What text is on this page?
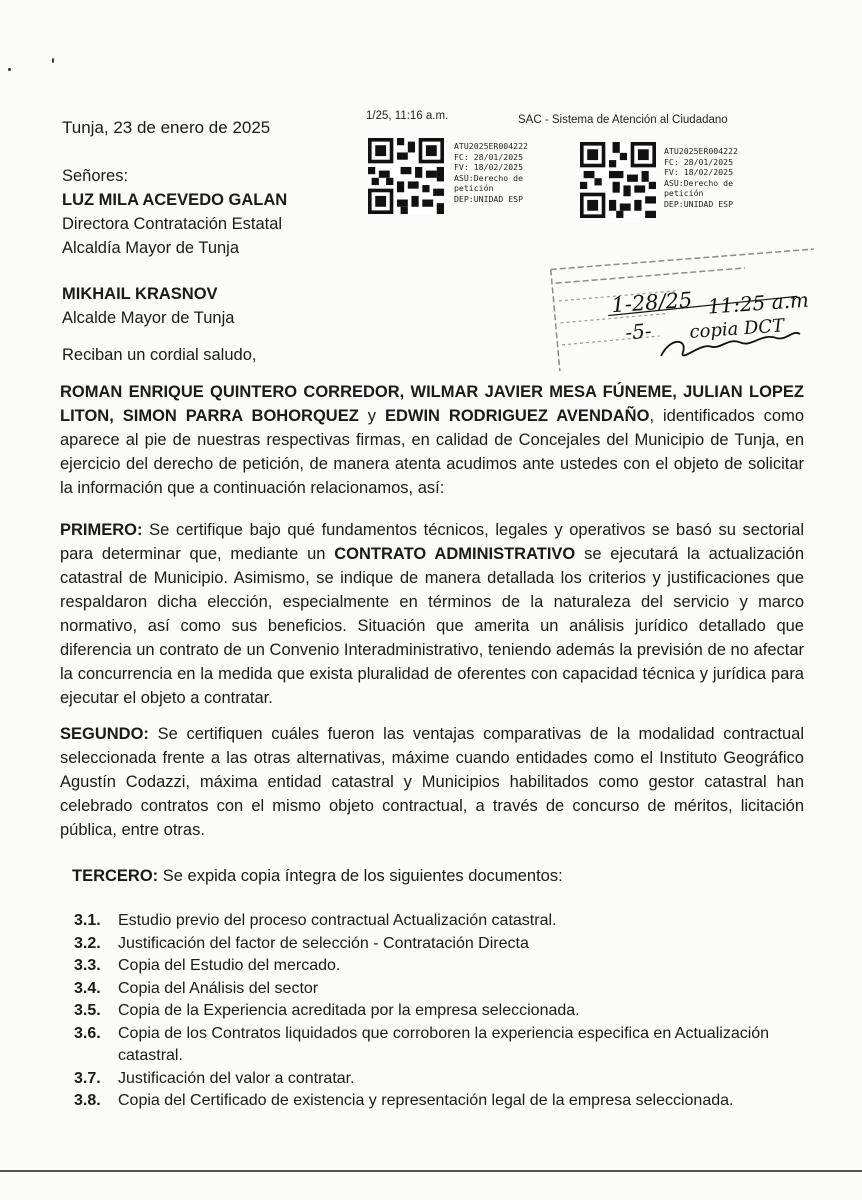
Tunja, 23 de enero de 2025
1/25, 11:16 a.m.	SAC - Sistema de Atención al Ciudadano
ATU2025ER004222
FC: 28/01/2025
FV: 18/02/2025
ASU:Derecho de
petición
DEP:UNIDAD ESP
ATU2025ER004222
FC: 28/01/2025
FV: 18/02/2025
ASU:Derecho de
petición
DEP:UNIDAD ESP
1-28/25 11:25 a.m
-5- copia DCT
Señores:
LUZ MILA ACEVEDO GALAN
Directora Contratación Estatal
Alcaldía Mayor de Tunja
MIKHAIL KRASNOV
Alcalde Mayor de Tunja
Reciban un cordial saludo,
ROMAN ENRIQUE QUINTERO CORREDOR, WILMAR JAVIER MESA FÚNEME, JULIAN LOPEZ LITON, SIMON PARRA BOHORQUEZ y EDWIN RODRIGUEZ AVENDAÑO, identificados como aparece al pie de nuestras respectivas firmas, en calidad de Concejales del Municipio de Tunja, en ejercicio del derecho de petición, de manera atenta acudimos ante ustedes con el objeto de solicitar la información que a continuación relacionamos, así:
PRIMERO: Se certifique bajo qué fundamentos técnicos, legales y operativos se basó su sectorial para determinar que, mediante un CONTRATO ADMINISTRATIVO se ejecutará la actualización catastral de Municipio. Asimismo, se indique de manera detallada los criterios y justificaciones que respaldaron dicha elección, especialmente en términos de la naturaleza del servicio y marco normativo, así como sus beneficios. Situación que amerita un análisis jurídico detallado que diferencia un contrato de un Convenio Interadministrativo, teniendo además la previsión de no afectar la concurrencia en la medida que exista pluralidad de oferentes con capacidad técnica y jurídica para ejecutar el objeto a contratar.
SEGUNDO: Se certifiquen cuáles fueron las ventajas comparativas de la modalidad contractual seleccionada frente a las otras alternativas, máxime cuando entidades como el Instituto Geográfico Agustín Codazzi, máxima entidad catastral y Municipios habilitados como gestor catastral han celebrado contratos con el mismo objeto contractual, a través de concurso de méritos, licitación pública, entre otras.
TERCERO: Se expida copia íntegra de los siguientes documentos:
3.1.	Estudio previo del proceso contractual Actualización catastral.
3.2.	Justificación del factor de selección - Contratación Directa
3.3.	Copia del Estudio del mercado.
3.4.	Copia del Análisis del sector
3.5.	Copia de la Experiencia acreditada por la empresa seleccionada.
3.6.	Copia de los Contratos liquidados que corroboren la experiencia especifica en Actualización catastral.
3.7.	Justificación del valor a contratar.
3.8.	Copia del Certificado de existencia y representación legal de la empresa seleccionada.
